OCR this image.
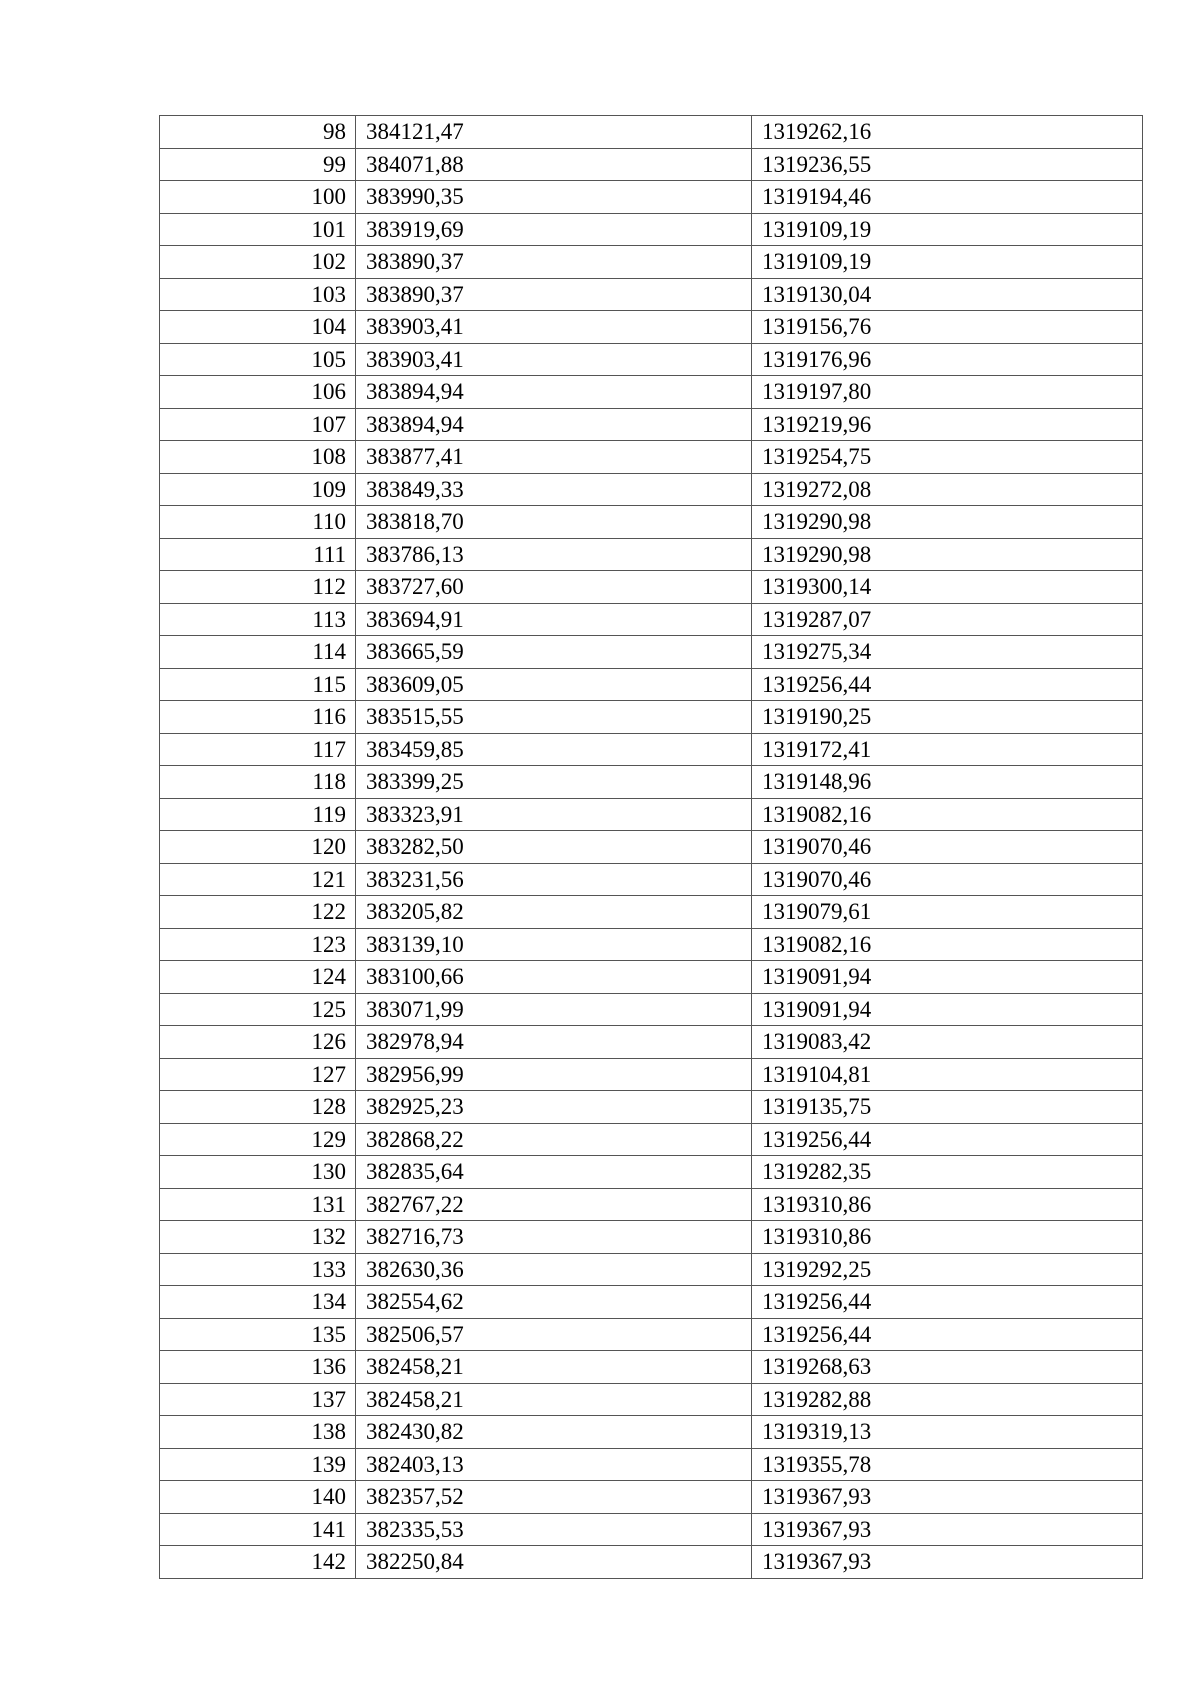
98	384121,47	1319262,16
99	384071,88	1319236,55
100	383990,35	1319194,46
101	383919,69	1319109,19
102	383890,37	1319109,19
103	383890,37	1319130,04
104	383903,41	1319156,76
105	383903,41	1319176,96
106	383894,94	1319197,80
107	383894,94	1319219,96
108	383877,41	1319254,75
109	383849,33	1319272,08
110	383818,70	1319290,98
111	383786,13	1319290,98
112	383727,60	1319300,14
113	383694,91	1319287,07
114	383665,59	1319275,34
115	383609,05	1319256,44
116	383515,55	1319190,25
117	383459,85	1319172,41
118	383399,25	1319148,96
119	383323,91	1319082,16
120	383282,50	1319070,46
121	383231,56	1319070,46
122	383205,82	1319079,61
123	383139,10	1319082,16
124	383100,66	1319091,94
125	383071,99	1319091,94
126	382978,94	1319083,42
127	382956,99	1319104,81
128	382925,23	1319135,75
129	382868,22	1319256,44
130	382835,64	1319282,35
131	382767,22	1319310,86
132	382716,73	1319310,86
133	382630,36	1319292,25
134	382554,62	1319256,44
135	382506,57	1319256,44
136	382458,21	1319268,63
137	382458,21	1319282,88
138	382430,82	1319319,13
139	382403,13	1319355,78
140	382357,52	1319367,93
141	382335,53	1319367,93
142	382250,84	1319367,93
